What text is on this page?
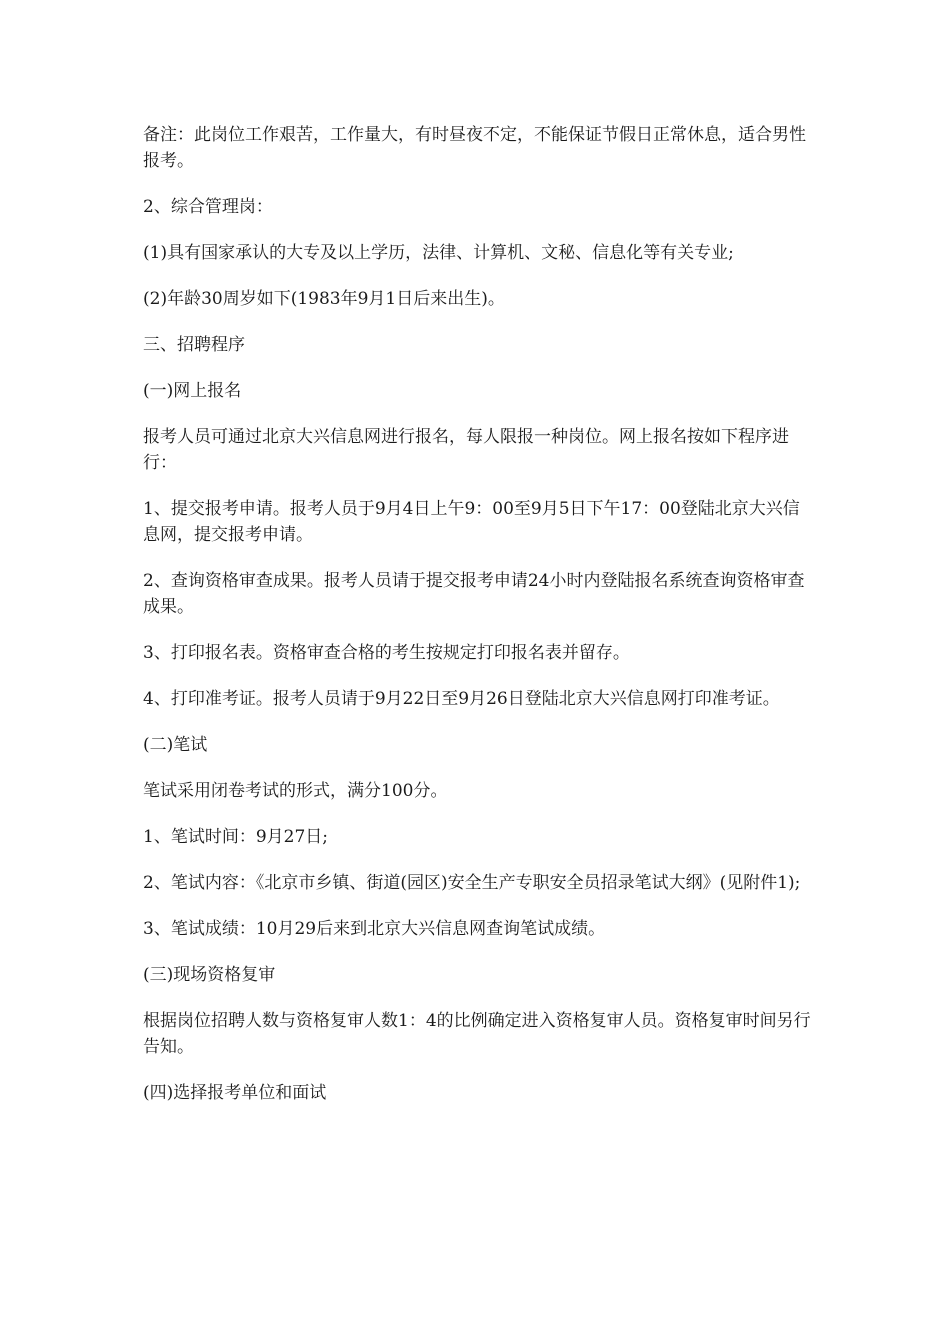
备注：此岗位工作艰苦，工作量大，有时昼夜不定，不能保证节假日正常休息，适合男性报考。

2、综合管理岗：

(1)具有国家承认的大专及以上学历，法律、计算机、文秘、信息化等有关专业;

(2)年龄30周岁如下(1983年9月1日后来出生)。

三、招聘程序

(一)网上报名

报考人员可通过北京大兴信息网进行报名，每人限报一种岗位。网上报名按如下程序进行：

1、提交报考申请。报考人员于9月4日上午9：00至9月5日下午17：00登陆北京大兴信息网，提交报考申请。

2、查询资格审查成果。报考人员请于提交报考申请24小时内登陆报名系统查询资格审查成果。

3、打印报名表。资格审查合格的考生按规定打印报名表并留存。

4、打印准考证。报考人员请于9月22日至9月26日登陆北京大兴信息网打印准考证。

(二)笔试

笔试采用闭卷考试的形式，满分100分。

1、笔试时间：9月27日;

2、笔试内容：《北京市乡镇、街道(园区)安全生产专职安全员招录笔试大纲》(见附件1);

3、笔试成绩：10月29后来到北京大兴信息网查询笔试成绩。

(三)现场资格复审

根据岗位招聘人数与资格复审人数1：4的比例确定进入资格复审人员。资格复审时间另行告知。

(四)选择报考单位和面试
